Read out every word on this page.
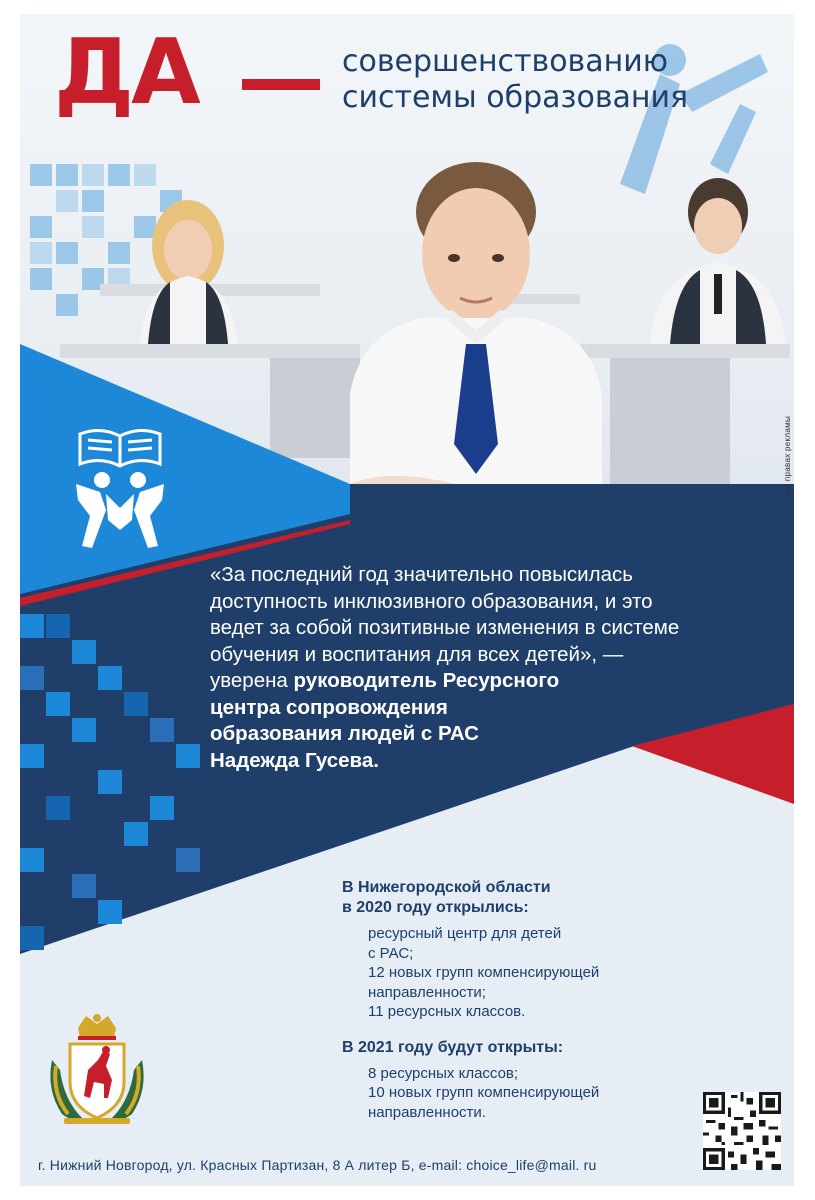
ДА	совершенствованию
системы образования
«За последний год значительно повысилась
доступность инклюзивного образования, и это
ведет за собой позитивные изменения в системе
обучения и воспитания для всех детей», —
уверена руководитель Ресурсного
центра сопровождения
образования людей с РАС
Надежда Гусева.
В Нижегородской области
в 2020 году открылись:
ресурсный центр для детей
с РАС;
12 новых групп компенсирующей
направленности;
11 ресурсных классов.
В 2021 году будут открыты:
8 ресурсных классов;
10 новых групп компенсирующей
направленности.
на правах рекламы
г. Нижний Новгород, ул. Красных Партизан, 8 А литер Б, e-mail: choice_life@mail. ru
